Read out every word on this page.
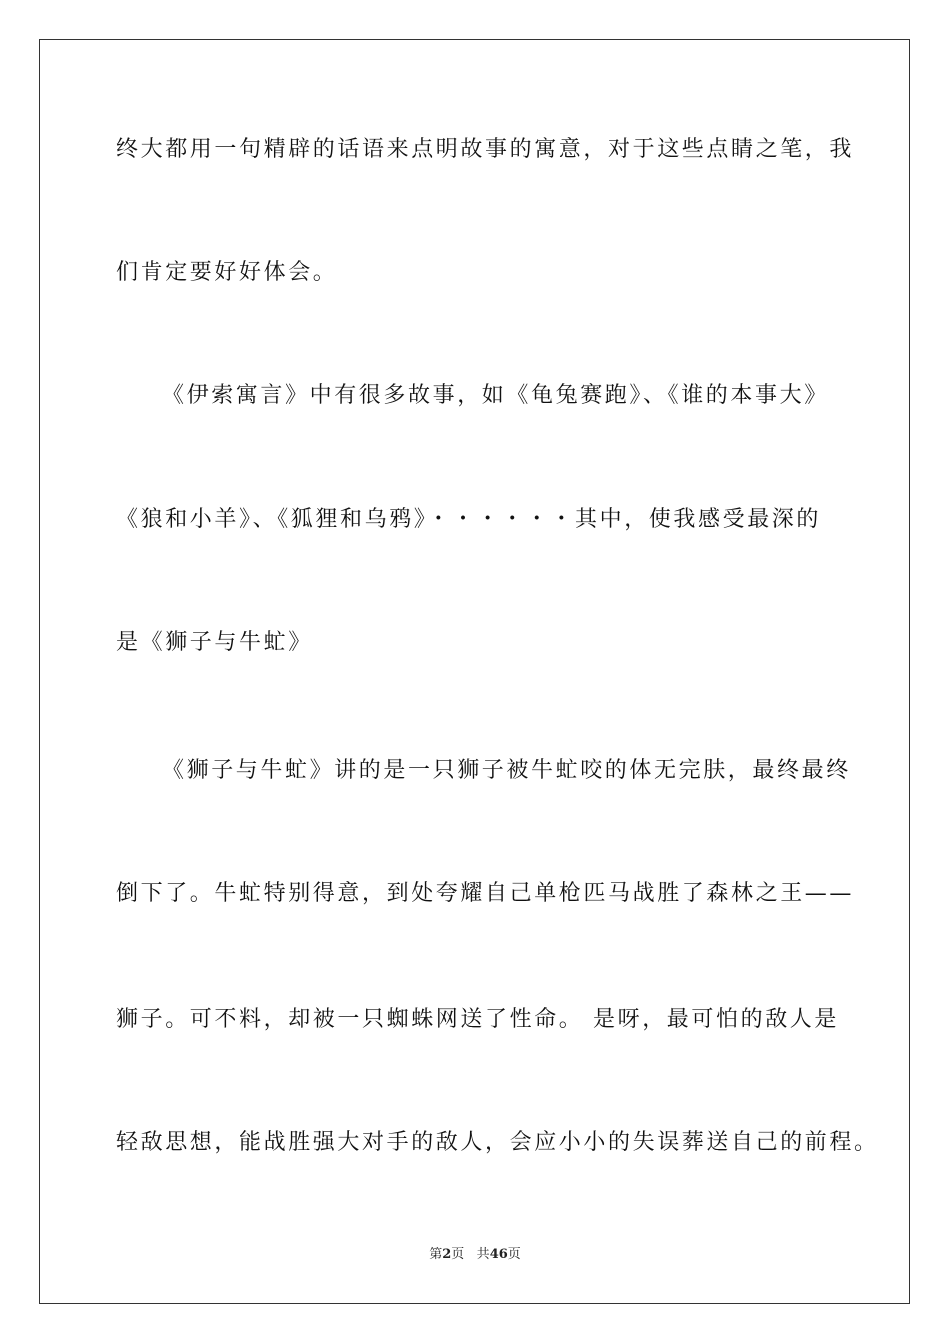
终大都用一句精辟的话语来点明故事的寓意，对于这些点睛之笔，我
们肯定要好好体会。
《伊索寓言》中有很多故事，如《龟兔赛跑》、《谁的本事大》
《狼和小羊》、《狐狸和乌鸦》・・・・・・其中，使我感受最深的
是《狮子与牛虻》
《狮子与牛虻》讲的是一只狮子被牛虻咬的体无完肤，最终最终
倒下了。牛虻特别得意，到处夸耀自己单枪匹马战胜了森林之王——
狮子。可不料，却被一只蜘蛛网送了性命。 是呀，最可怕的敌人是
轻敌思想，能战胜强大对手的敌人，会应小小的失误葬送自己的前程。
第2页 共46页
